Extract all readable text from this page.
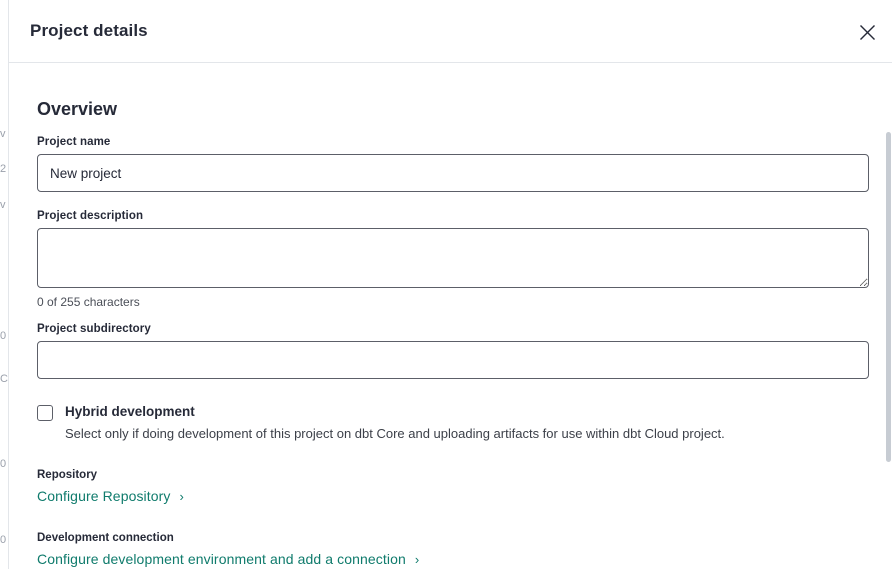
v
2
v
0
C
0
0
Project details
Overview
Project name
New project
Project description
0 of 255 characters
Project subdirectory
Hybrid development
Select only if doing development of this project on dbt Core and uploading artifacts for use within dbt Cloud project.
Repository
Configure Repository ›
Development connection
Configure development environment and add a connection ›
